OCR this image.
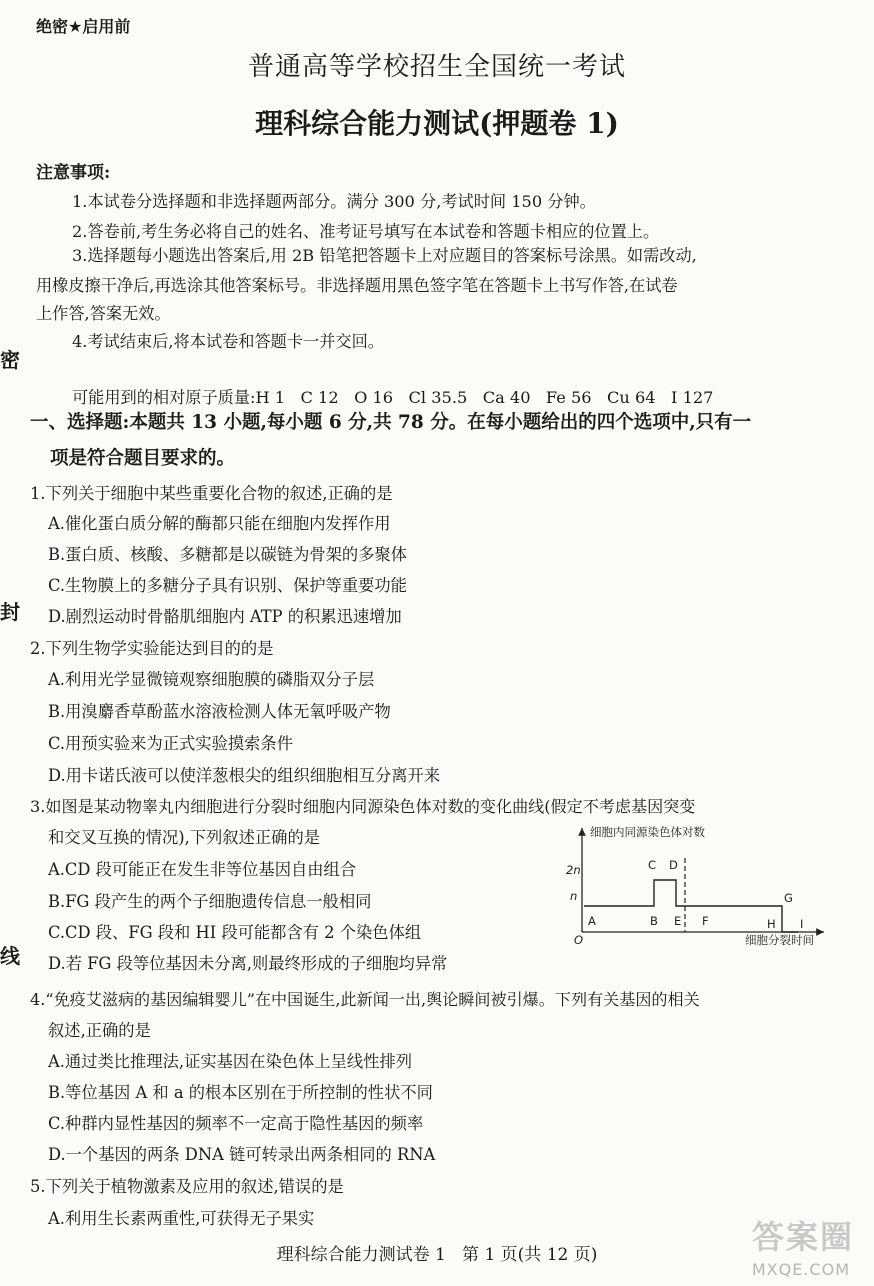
绝密★启用前
普通高等学校招生全国统一考试
理科综合能力测试(押题卷 1)
密
封
线
注意事项:
1.本试卷分选择题和非选择题两部分。满分 300 分,考试时间 150 分钟。
2.答卷前,考生务必将自己的姓名、准考证号填写在本试卷和答题卡相应的位置上。
3.选择题每小题选出答案后,用 2B 铅笔把答题卡上对应题目的答案标号涂黑。如需改动,
用橡皮擦干净后,再选涂其他答案标号。非选择题用黑色签字笔在答题卡上书写作答,在试卷
上作答,答案无效。
4.考试结束后,将本试卷和答题卡一并交回。
可能用到的相对原子质量:H 1   C 12   O 16   Cl 35.5   Ca 40   Fe 56   Cu 64   I 127
一、选择题:本题共 13 小题,每小题 6 分,共 78 分。在每小题给出的四个选项中,只有一
项是符合题目要求的。
1.下列关于细胞中某些重要化合物的叙述,正确的是
A.催化蛋白质分解的酶都只能在细胞内发挥作用
B.蛋白质、核酸、多糖都是以碳链为骨架的多聚体
C.生物膜上的多糖分子具有识别、保护等重要功能
D.剧烈运动时骨骼肌细胞内 ATP 的积累迅速增加
2.下列生物学实验能达到目的的是
A.利用光学显微镜观察细胞膜的磷脂双分子层
B.用溴麝香草酚蓝水溶液检测人体无氧呼吸产物
C.用预实验来为正式实验摸索条件
D.用卡诺氏液可以使洋葱根尖的组织细胞相互分离开来
3.如图是某动物睾丸内细胞进行分裂时细胞内同源染色体对数的变化曲线(假定不考虑基因突变
和交叉互换的情况),下列叙述正确的是
A.CD 段可能正在发生非等位基因自由组合
B.FG 段产生的两个子细胞遗传信息一般相同
C.CD 段、FG 段和 HI 段可能都含有 2 个染色体组
D.若 FG 段等位基因未分离,则最终形成的子细胞均异常
细胞内同源染色体对数
细胞分裂时间
O
2n
n
A	B
C D
E F
G
H I
4.“免疫艾滋病的基因编辑婴儿”在中国诞生,此新闻一出,舆论瞬间被引爆。下列有关基因的相关
叙述,正确的是
A.通过类比推理法,证实基因在染色体上呈线性排列
B.等位基因 A 和 a 的根本区别在于所控制的性状不同
C.种群内显性基因的频率不一定高于隐性基因的频率
D.一个基因的两条 DNA 链可转录出两条相同的 RNA
5.下列关于植物激素及应用的叙述,错误的是
A.利用生长素两重性,可获得无子果实
理科综合能力测试卷 1   第 1 页(共 12 页)	答案圈
MXQE.COM
